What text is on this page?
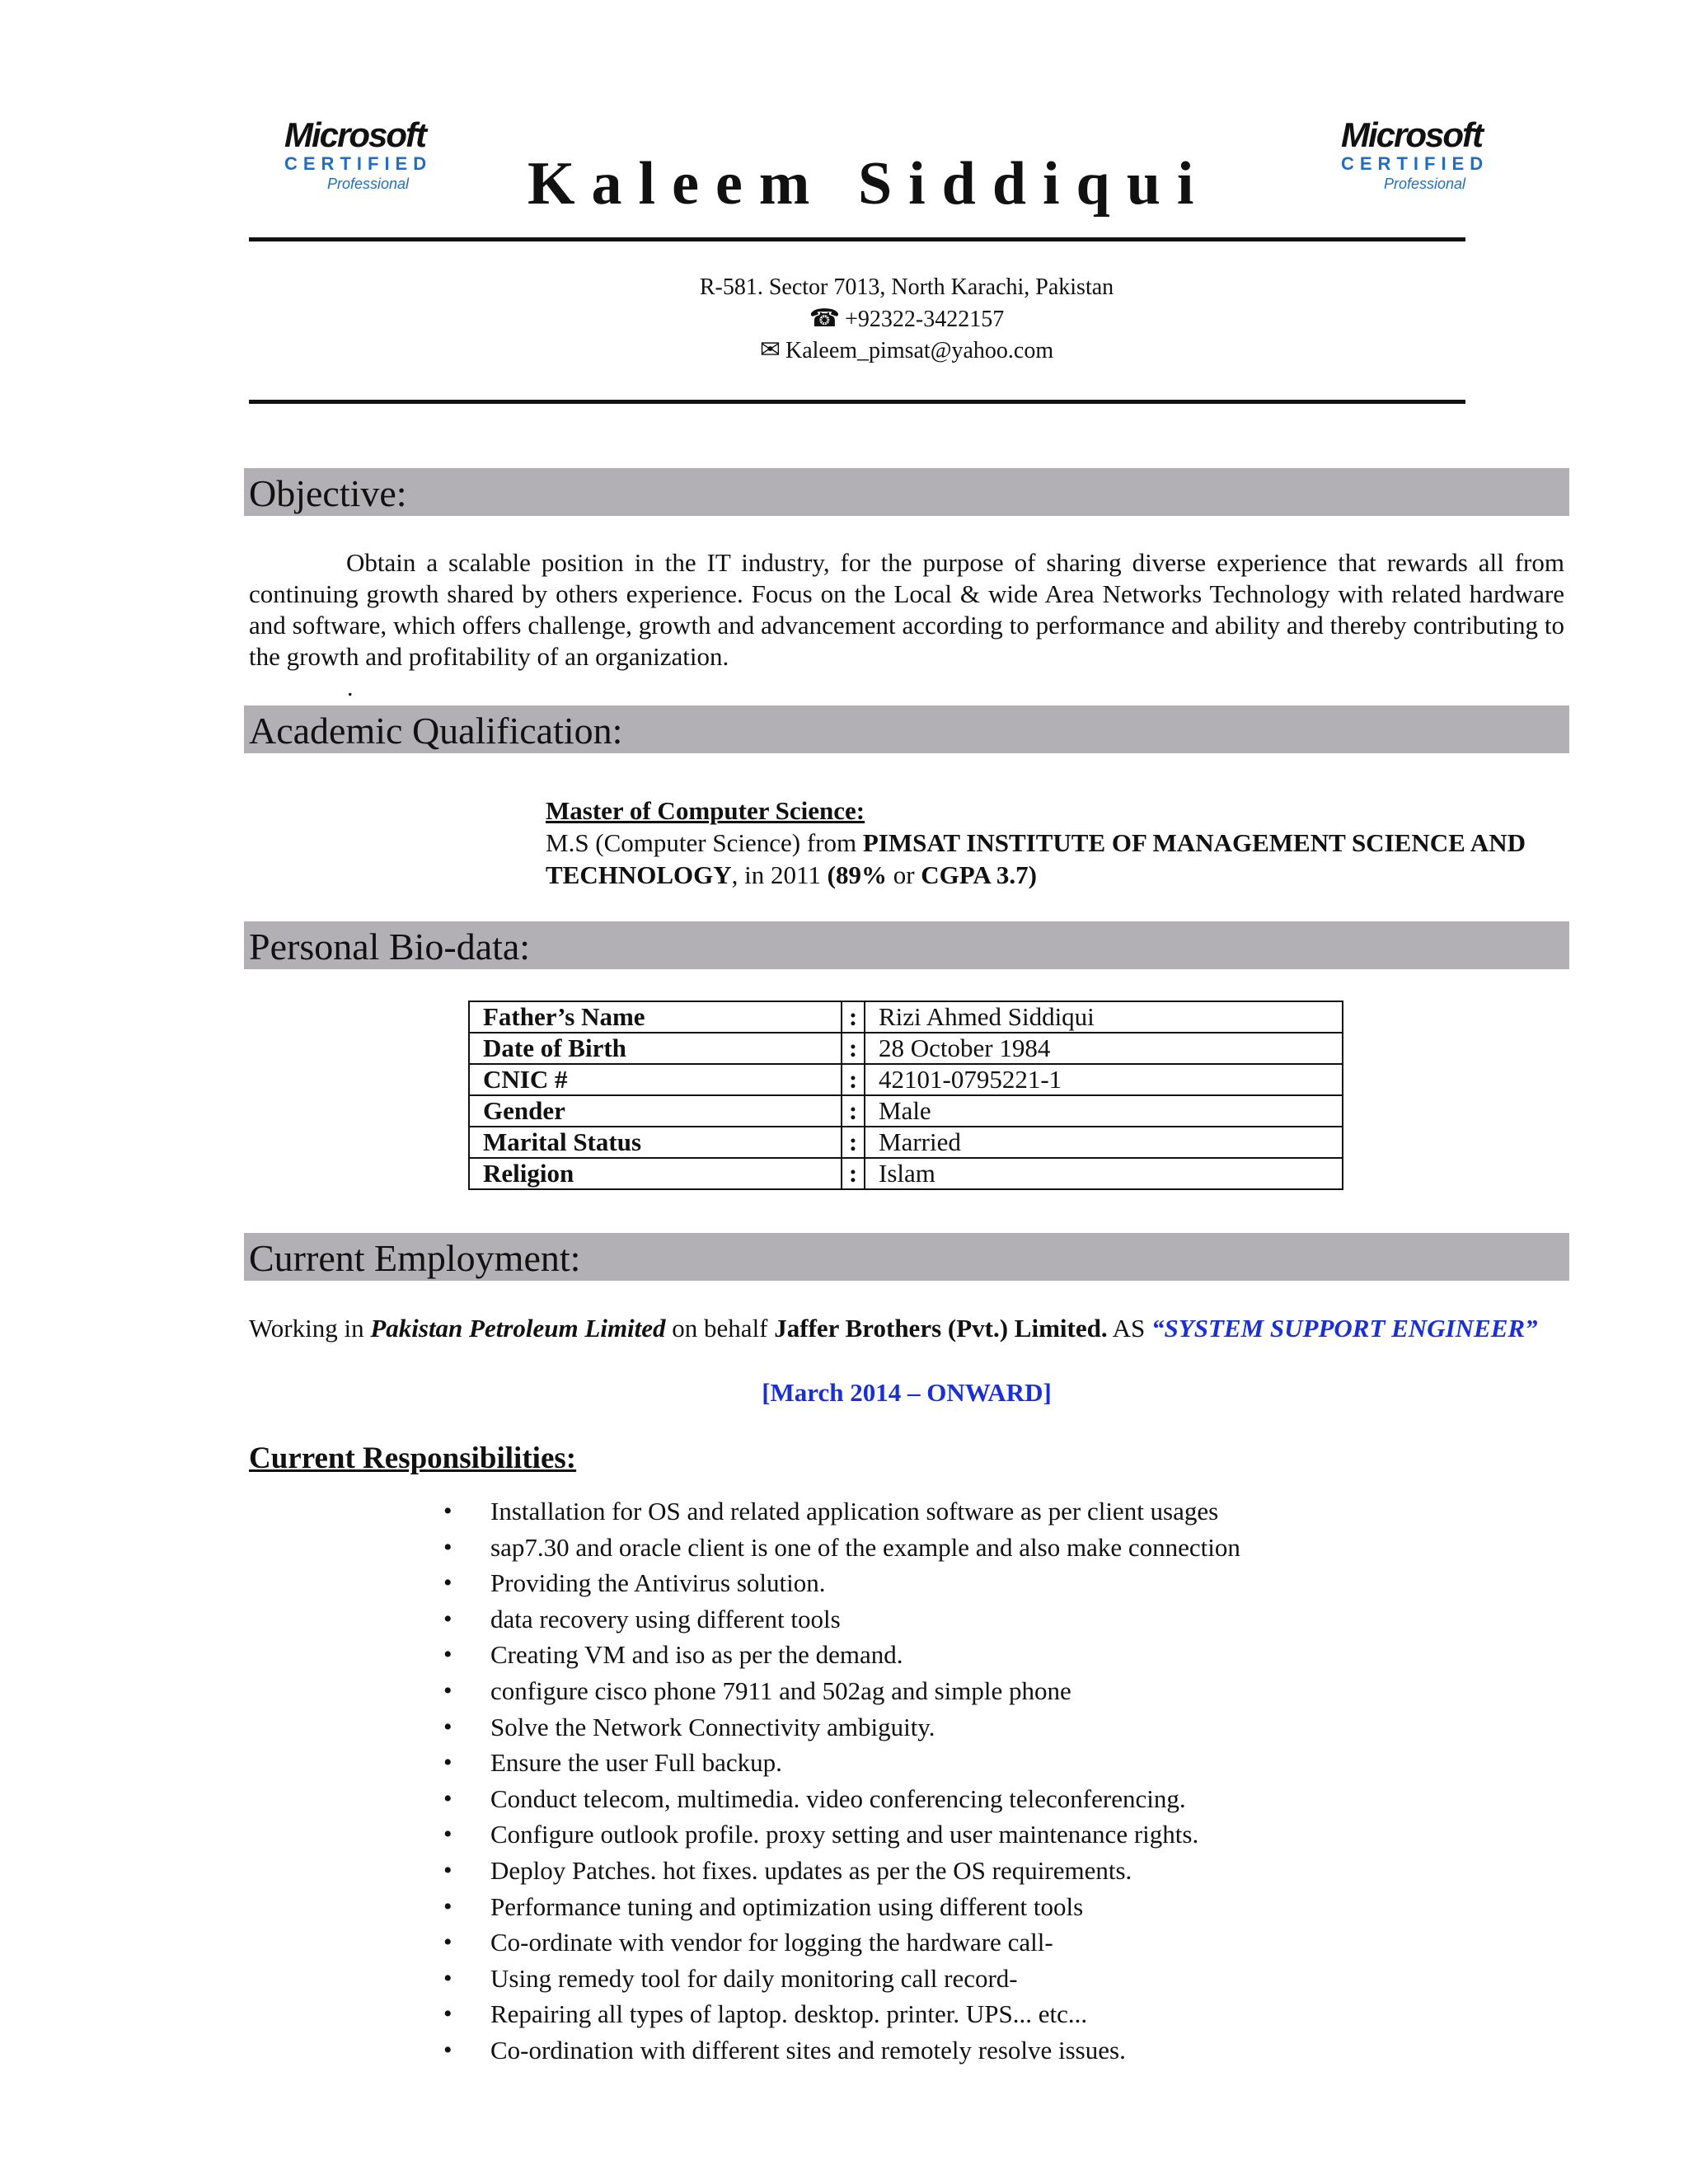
Microsoft
CERTIFIED
Professional	Kaleem Siddiqui
Microsoft
CERTIFIED
Professional
R-581. Sector 7013, North Karachi, Pakistan
☎ +92322-3422157
✉ Kaleem_pimsat@yahoo.com
Objective:
Obtain a scalable position in the IT industry, for the purpose of sharing diverse experience that rewards all from continuing growth shared by others experience. Focus on the Local & wide Area Networks Technology with related hardware and software, which offers challenge, growth and advancement according to performance and ability and thereby contributing to the growth and profitability of an organization.
.
Academic Qualification:
Master of Computer Science:
M.S (Computer Science) from PIMSAT INSTITUTE OF MANAGEMENT SCIENCE AND TECHNOLOGY, in 2011 (89% or CGPA 3.7)
Personal Bio-data:
Father’s Name	:	Rizi Ahmed Siddiqui
Date of Birth	:	28 October 1984
CNIC #	:	42101-0795221-1
Gender	:	Male
Marital Status	:	Married
Religion	:	Islam
Current Employment:
Working in Pakistan Petroleum Limited on behalf Jaffer Brothers (Pvt.) Limited. AS “SYSTEM SUPPORT ENGINEER”
[March 2014 – ONWARD]
Current Responsibilities:
• Installation for OS and related application software as per client usages
• sap7.30 and oracle client is one of the example and also make connection
• Providing the Antivirus solution.
• data recovery using different tools
• Creating VM and iso as per the demand.
• configure cisco phone 7911 and 502ag and simple phone
• Solve the Network Connectivity ambiguity.
• Ensure the user Full backup.
• Conduct telecom, multimedia. video conferencing teleconferencing.
• Configure outlook profile. proxy setting and user maintenance rights.
• Deploy Patches. hot fixes. updates as per the OS requirements.
• Performance tuning and optimization using different tools
• Co-ordinate with vendor for logging the hardware call-
• Using remedy tool for daily monitoring call record-
• Repairing all types of laptop. desktop. printer. UPS... etc...
• Co-ordination with different sites and remotely resolve issues.
